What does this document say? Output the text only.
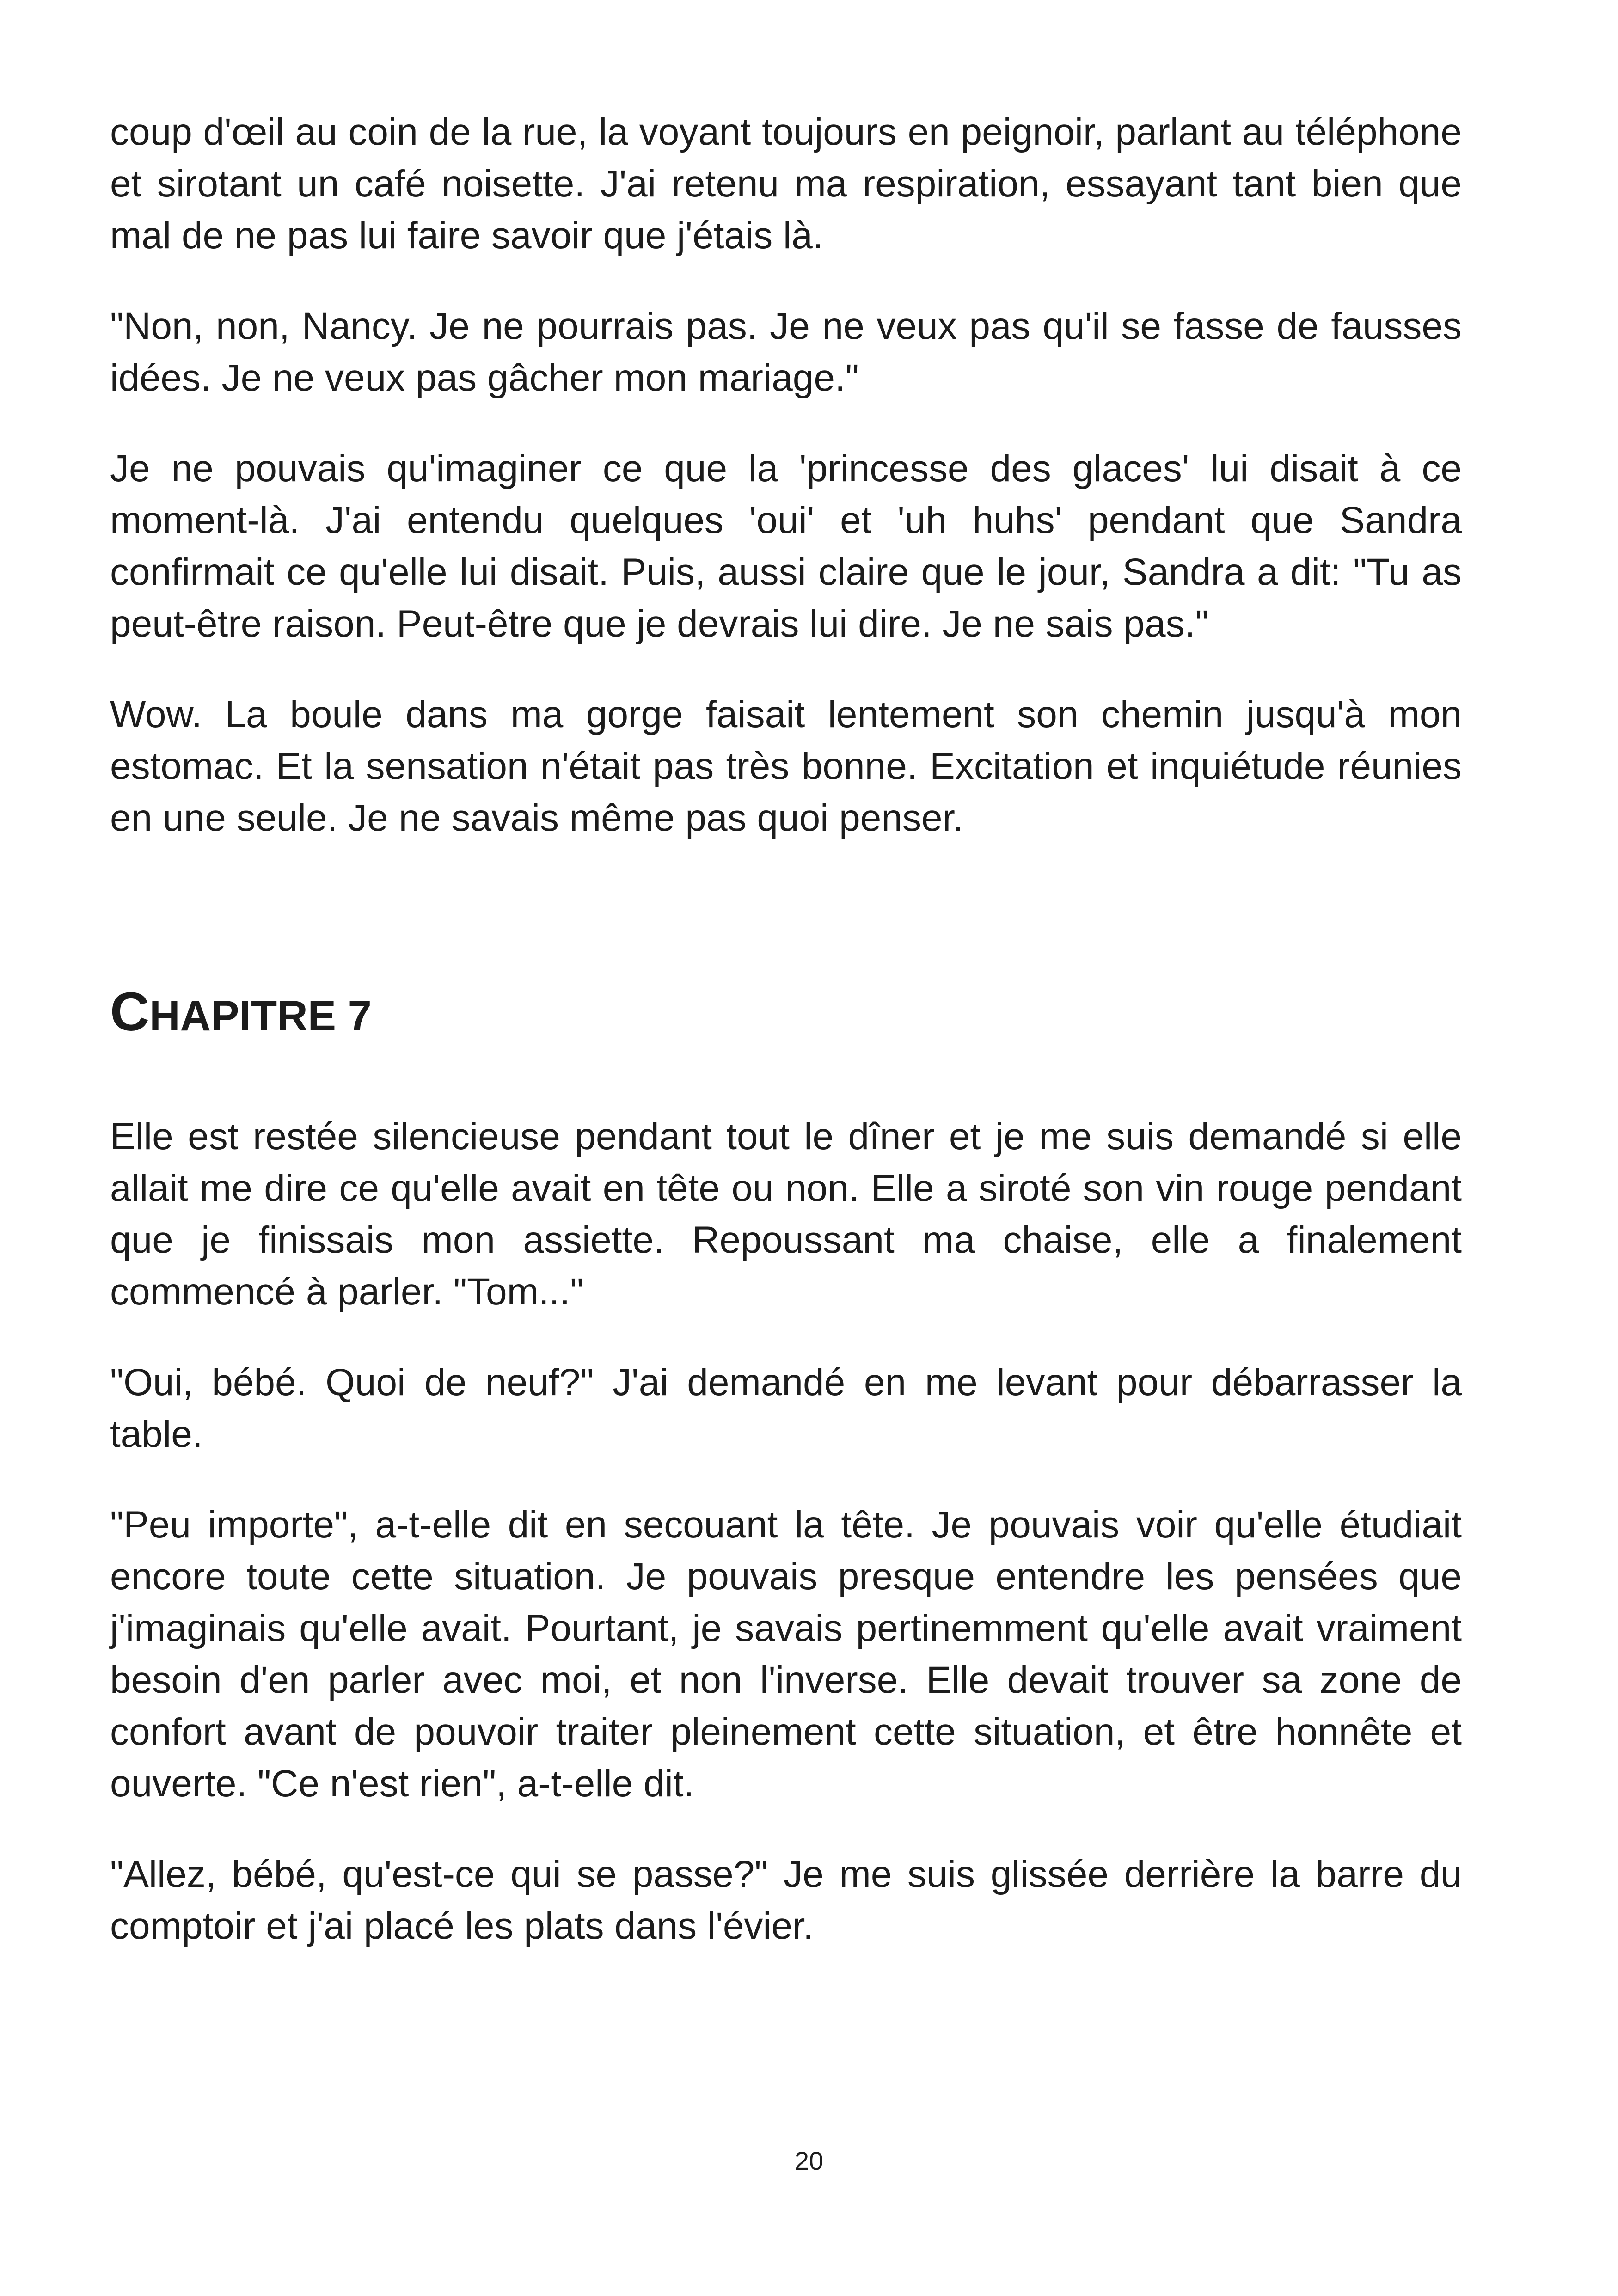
coup d'œil au coin de la rue, la voyant toujours en peignoir, parlant au téléphone et sirotant un café noisette. J'ai retenu ma respiration, essayant tant bien que mal de ne pas lui faire savoir que j'étais là.

"Non, non, Nancy. Je ne pourrais pas. Je ne veux pas qu'il se fasse de fausses idées. Je ne veux pas gâcher mon mariage."

Je ne pouvais qu'imaginer ce que la 'princesse des glaces' lui disait à ce moment-là. J'ai entendu quelques 'oui' et 'uh huhs' pendant que Sandra confirmait ce qu'elle lui disait. Puis, aussi claire que le jour, Sandra a dit: "Tu as peut-être raison. Peut-être que je devrais lui dire. Je ne sais pas."

Wow. La boule dans ma gorge faisait lentement son chemin jusqu'à mon estomac. Et la sensation n'était pas très bonne. Excitation et inquiétude réunies en une seule. Je ne savais même pas quoi penser.

CHAPITRE 7

Elle est restée silencieuse pendant tout le dîner et je me suis demandé si elle allait me dire ce qu'elle avait en tête ou non. Elle a siroté son vin rouge pendant que je finissais mon assiette. Repoussant ma chaise, elle a finalement commencé à parler. "Tom..."

"Oui, bébé. Quoi de neuf?" J'ai demandé en me levant pour débarrasser la table.

"Peu importe", a-t-elle dit en secouant la tête. Je pouvais voir qu'elle étudiait encore toute cette situation. Je pouvais presque entendre les pensées que j'imaginais qu'elle avait. Pourtant, je savais pertinemment qu'elle avait vraiment besoin d'en parler avec moi, et non l'inverse. Elle devait trouver sa zone de confort avant de pouvoir traiter pleinement cette situation, et être honnête et ouverte. "Ce n'est rien", a-t-elle dit.

"Allez, bébé, qu'est-ce qui se passe?" Je me suis glissée derrière la barre du comptoir et j'ai placé les plats dans l'évier.

20
